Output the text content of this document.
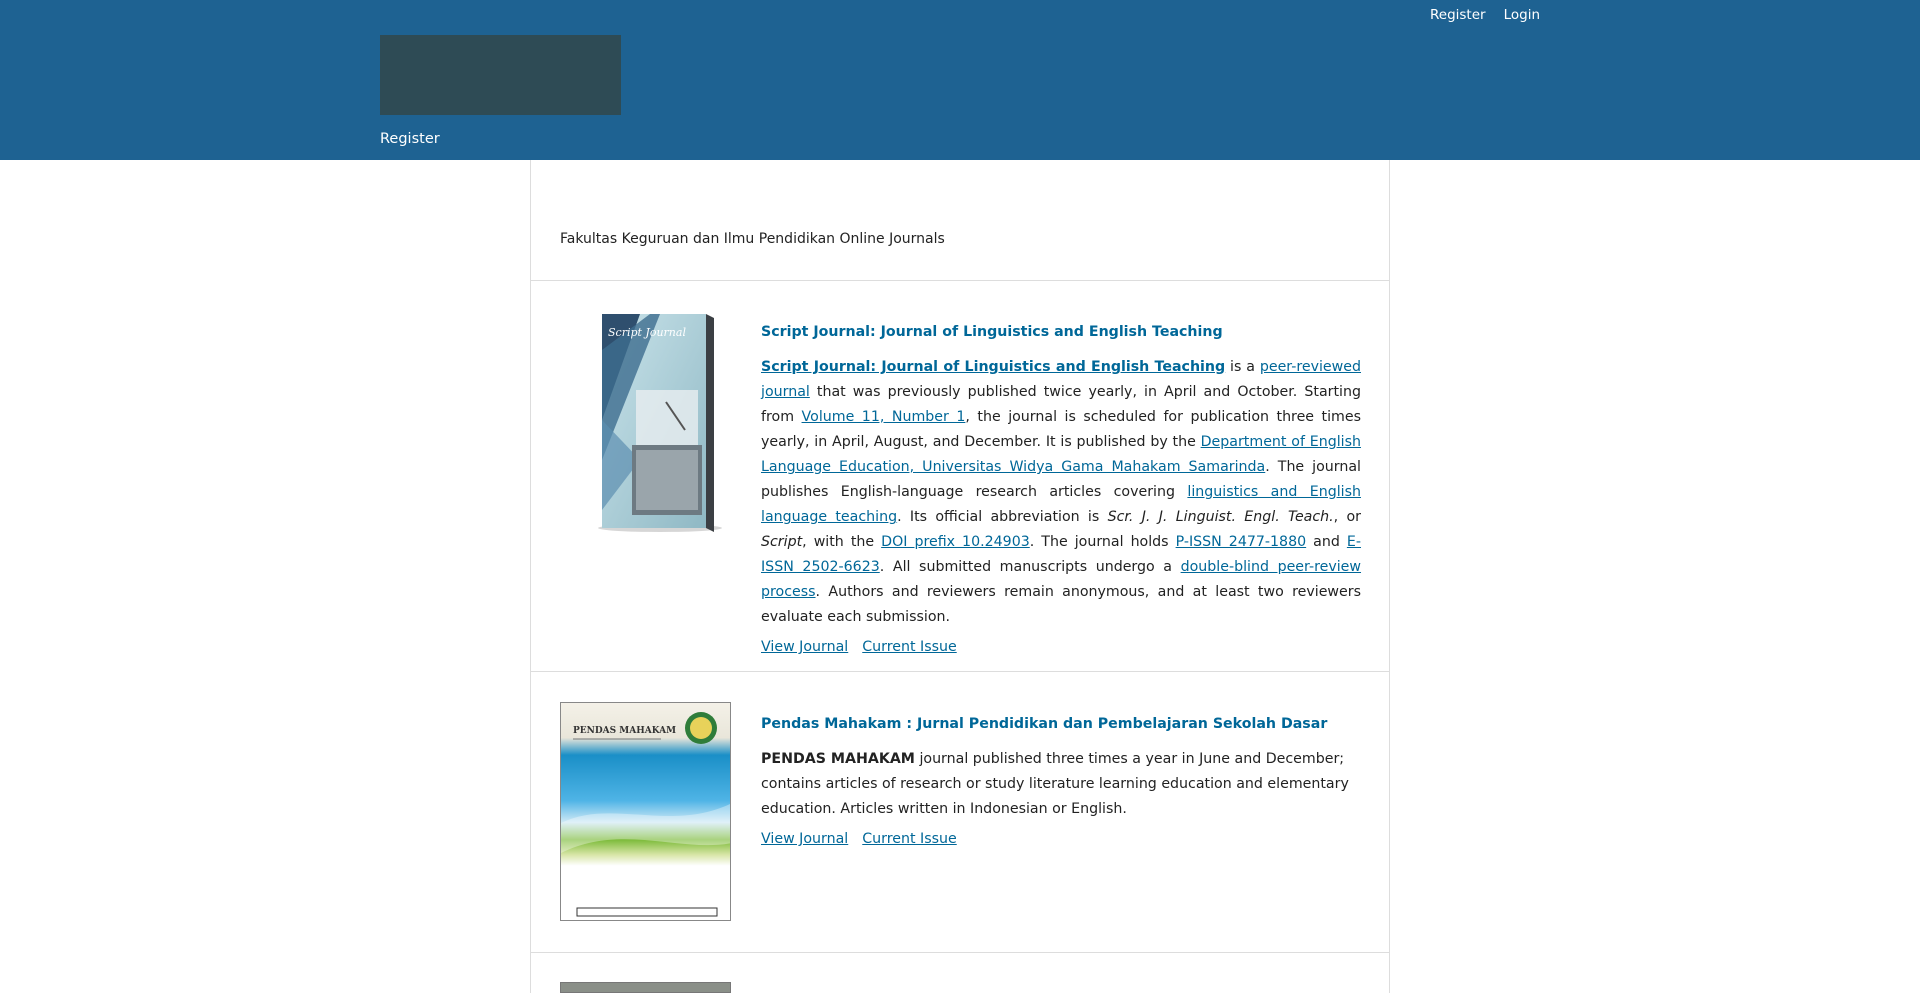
Register Login
Register
Fakultas Keguruan dan Ilmu Pendidikan Online Journals
Script Journal	Script Journal: Journal of Linguistics and English Teaching
Script Journal: Journal of Linguistics and English Teaching is a peer-reviewed journal that was previously published twice yearly, in April and October. Starting from Volume 11, Number 1, the journal is scheduled for publication three times yearly, in April, August, and December. It is published by the Department of English Language Education, Universitas Widya Gama Mahakam Samarinda. The journal publishes English-language research articles covering linguistics and English language teaching. Its official abbreviation is Scr. J. J. Linguist. Engl. Teach., or Script, with the DOI prefix 10.24903. The journal holds P-ISSN 2477-1880 and E-ISSN 2502-6623. All submitted manuscripts undergo a double-blind peer-review process. Authors and reviewers remain anonymous, and at least two reviewers evaluate each submission.
View Journal Current Issue
PENDAS MAHAKAM	Pendas Mahakam : Jurnal Pendidikan dan Pembelajaran Sekolah Dasar
PENDAS MAHAKAM journal published three times a year in June and December; contains articles of research or study literature learning education and elementary education. Articles written in Indonesian or English.
View Journal Current Issue
